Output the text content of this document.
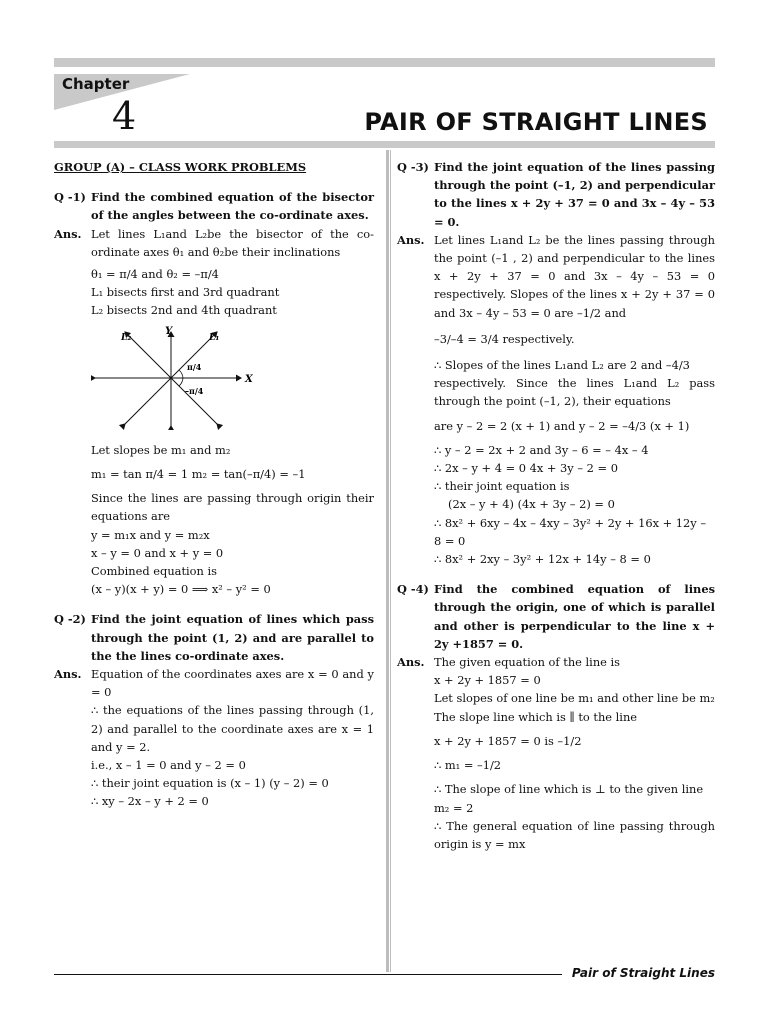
Chapter
4	PAIR OF STRAIGHT LINES
GROUP (A) – CLASS WORK PROBLEMS
Q -1) Find the combined equation of the bisector of the angles between the co-ordinate axes.
Ans. Let lines L₁and L₂be the bisector of the co-ordinate axes θ₁ and θ₂be their inclinations
θ₁ = π/4 and θ₂ = –π/4
L₁ bisects first and 3rd quadrant
L₂ bisects 2nd and 4th quadrant
Y
X
L₁
L₂
π/4
–π/4
Let slopes be m₁ and m₂
m₁ = tan π/4 = 1 m₂ = tan(–π/4) = –1
Since the lines are passing through origin their equations are
y = m₁x and y = m₂x
x – y = 0 and x + y = 0
Combined equation is
(x – y)(x + y) = 0 ⟹ x² – y² = 0
Q -2) Find the joint equation of lines which pass through the point (1, 2) and are parallel to the the lines co-ordinate axes.
Ans. Equation of the coordinates axes are x = 0 and y = 0
∴ the equations of the lines passing through (1, 2) and parallel to the coordinate axes are x = 1 and y = 2.
i.e., x – 1 = 0 and y – 2 = 0
∴ their joint equation is (x – 1) (y – 2) = 0
∴ xy – 2x – y + 2 = 0
Q -3) Find the joint equation of the lines passing through the point (–1, 2) and perpendicular to the lines x + 2y + 37 = 0 and 3x – 4y – 53 = 0.
Ans. Let lines L₁and L₂ be the lines passing through the point (–1 , 2) and perpendicular to the lines x + 2y + 37 = 0 and 3x – 4y – 53 = 0 respectively. Slopes of the lines x + 2y + 37 = 0 and 3x – 4y – 53 = 0 are –1/2 and
–3/–4 = 3/4 respectively.
∴ Slopes of the lines L₁and L₂ are 2 and –4/3
respectively. Since the lines L₁and L₂ pass through the point (–1, 2), their equations
are y – 2 = 2 (x + 1) and y – 2 = –4/3 (x + 1)
∴ y – 2 = 2x + 2 and 3y – 6 = – 4x – 4
∴ 2x – y + 4 = 0 4x + 3y – 2 = 0
∴ their joint equation is
(2x – y + 4) (4x + 3y – 2) = 0
∴ 8x² + 6xy – 4x – 4xy – 3y² + 2y + 16x + 12y – 8 = 0
∴ 8x² + 2xy – 3y² + 12x + 14y – 8 = 0
Q -4) Find the combined equation of lines through the origin, one of which is parallel and other is perpendicular to the line x + 2y +1857 = 0.
Ans. The given equation of the line is
x + 2y + 1857 = 0
Let slopes of one line be m₁ and other line be m₂
The slope line which is ∥ to the line
x + 2y + 1857 = 0 is –1/2
∴ m₁ = –1/2
∴ The slope of line which is ⊥ to the given line m₂ = 2
∴ The general equation of line passing through origin is y = mx
Pair of Straight Lines
